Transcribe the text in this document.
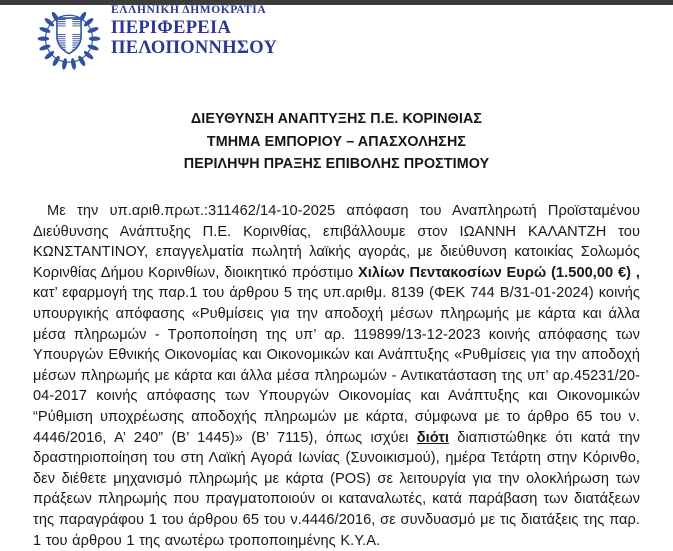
ΕΛΛΗΝΙΚΗ ΔΗΜΟΚΡΑΤΙΑ
ΠΕΡΙΦΕΡΕΙΑ
ΠΕΛΟΠΟΝΝΗΣΟΥ
ΔΙΕΥΘΥΝΣΗ ΑΝΑΠΤΥΞΗΣ Π.Ε. ΚΟΡΙΝΘΙΑΣ
ΤΜΗΜΑ ΕΜΠΟΡΙΟΥ – ΑΠΑΣΧΟΛΗΣΗΣ
ΠΕΡΙΛΗΨΗ ΠΡΑΞΗΣ ΕΠΙΒΟΛΗΣ ΠΡΟΣΤΙΜΟΥ

Με την υπ.αριθ.πρωτ.:311462/14-10-2025 απόφαση του Αναπληρωτή Προϊσταμένου Διεύθυνσης Ανάπτυξης Π.Ε. Κορινθίας, επιβάλλουμε στον ΙΩΑΝΝΗ ΚΑΛΑΝΤΖΗ του ΚΩΝΣΤΑΝΤΙΝΟΥ, επαγγελματία πωλητή λαϊκής αγοράς, με διεύθυνση κατοικίας Σολωμός Κορινθίας Δήμου Κορινθίων, διοικητικό πρόστιμο Χιλίων Πεντακοσίων Ευρώ (1.500,00 €) , κατ’ εφαρμογή της παρ.1 του άρθρου 5 της υπ.αριθμ. 8139 (ΦΕΚ 744 Β/31-01-2024) κοινής υπουργικής απόφασης «Ρυθμίσεις για την αποδοχή μέσων πληρωμής με κάρτα και άλλα μέσα πληρωμών - Τροποποίηση της υπ’ αρ. 119899/13-12-2023 κοινής απόφασης των Υπουργών Εθνικής Οικονομίας και Οικονομικών και Ανάπτυξης «Ρυθμίσεις για την αποδοχή μέσων πληρωμής με κάρτα και άλλα μέσα πληρωμών - Αντικατάσταση της υπ’ αρ.45231/20-04-2017 κοινής απόφασης των Υπουργών Οικονομίας και Ανάπτυξης και Οικονομικών “Ρύθμιση υποχρέωσης αποδοχής πληρωμών με κάρτα, σύμφωνα με το άρθρο 65 του ν. 4446/2016, Α’ 240” (Β’ 1445)» (Β’ 7115), όπως ισχύει διότι διαπιστώθηκε ότι κατά την δραστηριοποίηση του στη Λαϊκή Αγορά Ιωνίας (Συνοικισμού), ημέρα Τετάρτη στην Κόρινθο, δεν διέθετε μηχανισμό πληρωμής με κάρτα (POS) σε λειτουργία για την ολοκλήρωση των πράξεων πληρωμής που πραγματοποιούν οι καταναλωτές, κατά παράβαση των διατάξεων της παραγράφου 1 του άρθρου 65 του ν.4446/2016, σε συνδυασμό με τις διατάξεις της παρ. 1 του άρθρου 1 της ανωτέρω τροποποιημένης Κ.Υ.Α.
